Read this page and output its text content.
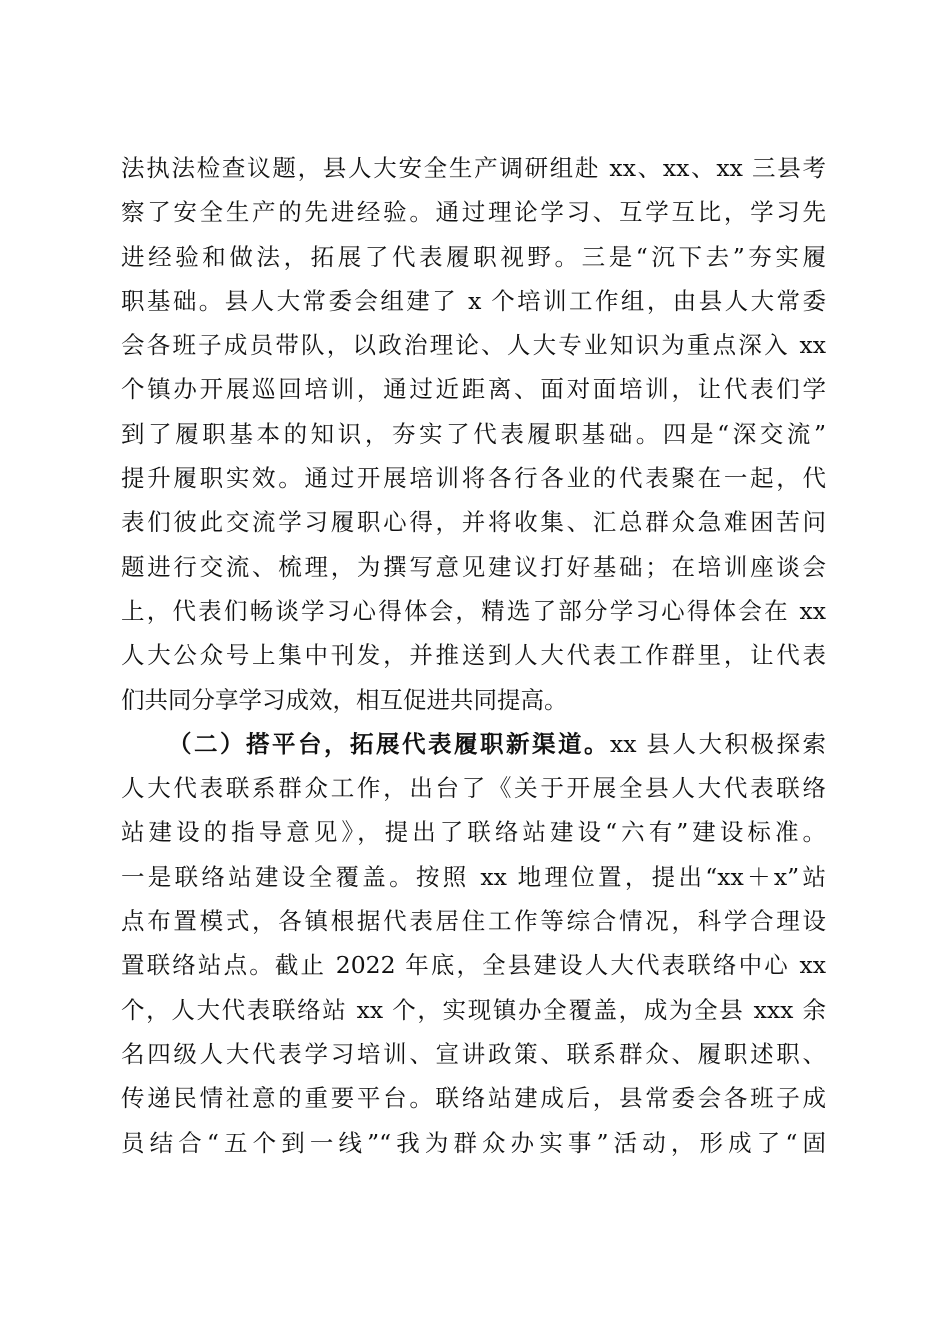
法执法检查议题，县人大安全生产调研组赴 xx、xx、xx 三县考
察了安全生产的先进经验。通过理论学习、互学互比，学习先
进经验和做法，拓展了代表履职视野。三是“沉下去”夯实履
职基础。县人大常委会组建了 x 个培训工作组，由县人大常委
会各班子成员带队，以政治理论、人大专业知识为重点深入 xx
个镇办开展巡回培训，通过近距离、面对面培训，让代表们学
到了履职基本的知识，夯实了代表履职基础。四是“深交流”
提升履职实效。通过开展培训将各行各业的代表聚在一起，代
表们彼此交流学习履职心得，并将收集、汇总群众急难困苦问
题进行交流、梳理，为撰写意见建议打好基础；在培训座谈会
上，代表们畅谈学习心得体会，精选了部分学习心得体会在 xx
人大公众号上集中刊发，并推送到人大代表工作群里，让代表
们共同分享学习成效，相互促进共同提高。
（二）搭平台，拓展代表履职新渠道。xx 县人大积极探索
人大代表联系群众工作，出台了《关于开展全县人大代表联络
站建设的指导意见》，提出了联络站建设“六有”建设标准。
一是联络站建设全覆盖。按照 xx 地理位置，提出“xx＋x”站
点布置模式，各镇根据代表居住工作等综合情况，科学合理设
置联络站点。截止 2022 年底，全县建设人大代表联络中心 xx
个，人大代表联络站 xx 个，实现镇办全覆盖，成为全县 xxx 余
名四级人大代表学习培训、宣讲政策、联系群众、履职述职、
传递民情社意的重要平台。联络站建成后，县常委会各班子成
员结合“五个到一线”“我为群众办实事”活动，形成了“固
